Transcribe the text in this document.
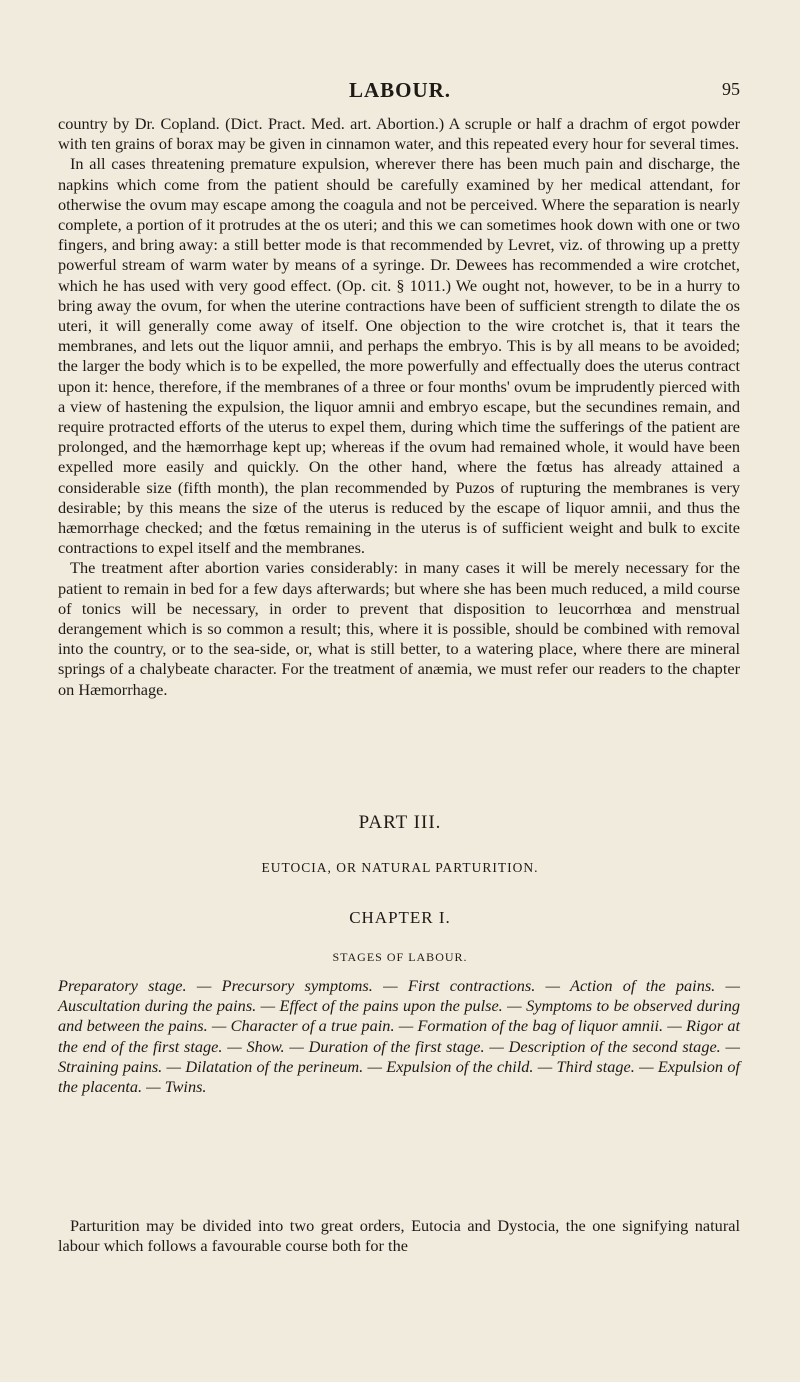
LABOUR.	95

country by Dr. Copland. (Dict. Pract. Med. art. Abortion.) A scruple or half a drachm of ergot powder with ten grains of borax may be given in cinnamon water, and this repeated every hour for several times.

In all cases threatening premature expulsion, wherever there has been much pain and discharge, the napkins which come from the patient should be carefully examined by her medical attendant, for otherwise the ovum may escape among the coagula and not be perceived. Where the separation is nearly complete, a portion of it protrudes at the os uteri; and this we can sometimes hook down with one or two fingers, and bring away: a still better mode is that recommended by Levret, viz. of throwing up a pretty powerful stream of warm water by means of a syringe. Dr. Dewees has recommended a wire crotchet, which he has used with very good effect. (Op. cit. § 1011.) We ought not, however, to be in a hurry to bring away the ovum, for when the uterine contractions have been of sufficient strength to dilate the os uteri, it will generally come away of itself. One objection to the wire crotchet is, that it tears the membranes, and lets out the liquor amnii, and perhaps the embryo. This is by all means to be avoided; the larger the body which is to be expelled, the more powerfully and effectually does the uterus contract upon it: hence, therefore, if the membranes of a three or four months' ovum be imprudently pierced with a view of hastening the expulsion, the liquor amnii and embryo escape, but the secundines remain, and require protracted efforts of the uterus to expel them, during which time the sufferings of the patient are prolonged, and the hæmorrhage kept up; whereas if the ovum had remained whole, it would have been expelled more easily and quickly. On the other hand, where the fœtus has already attained a considerable size (fifth month), the plan recommended by Puzos of rupturing the membranes is very desirable; by this means the size of the uterus is reduced by the escape of liquor amnii, and thus the hæmorrhage checked; and the fœtus remaining in the uterus is of sufficient weight and bulk to excite contractions to expel itself and the membranes.

The treatment after abortion varies considerably: in many cases it will be merely necessary for the patient to remain in bed for a few days afterwards; but where she has been much reduced, a mild course of tonics will be necessary, in order to prevent that disposition to leucorrhœa and menstrual derangement which is so common a result; this, where it is possible, should be combined with removal into the country, or to the sea-side, or, what is still better, to a watering place, where there are mineral springs of a chalybeate character. For the treatment of anæmia, we must refer our readers to the chapter on Hæmorrhage.

PART III.
EUTOCIA, OR NATURAL PARTURITION.
CHAPTER I.
STAGES OF LABOUR.
Preparatory stage. — Precursory symptoms. — First contractions. — Action of the pains. — Auscultation during the pains. — Effect of the pains upon the pulse. — Symptoms to be observed during and between the pains. — Character of a true pain. — Formation of the bag of liquor amnii. — Rigor at the end of the first stage. — Show. — Duration of the first stage. — Description of the second stage. — Straining pains. — Dilatation of the perineum. — Expulsion of the child. — Third stage. — Expulsion of the placenta. — Twins.

Parturition may be divided into two great orders, Eutocia and Dystocia, the one signifying natural labour which follows a favourable course both for the
